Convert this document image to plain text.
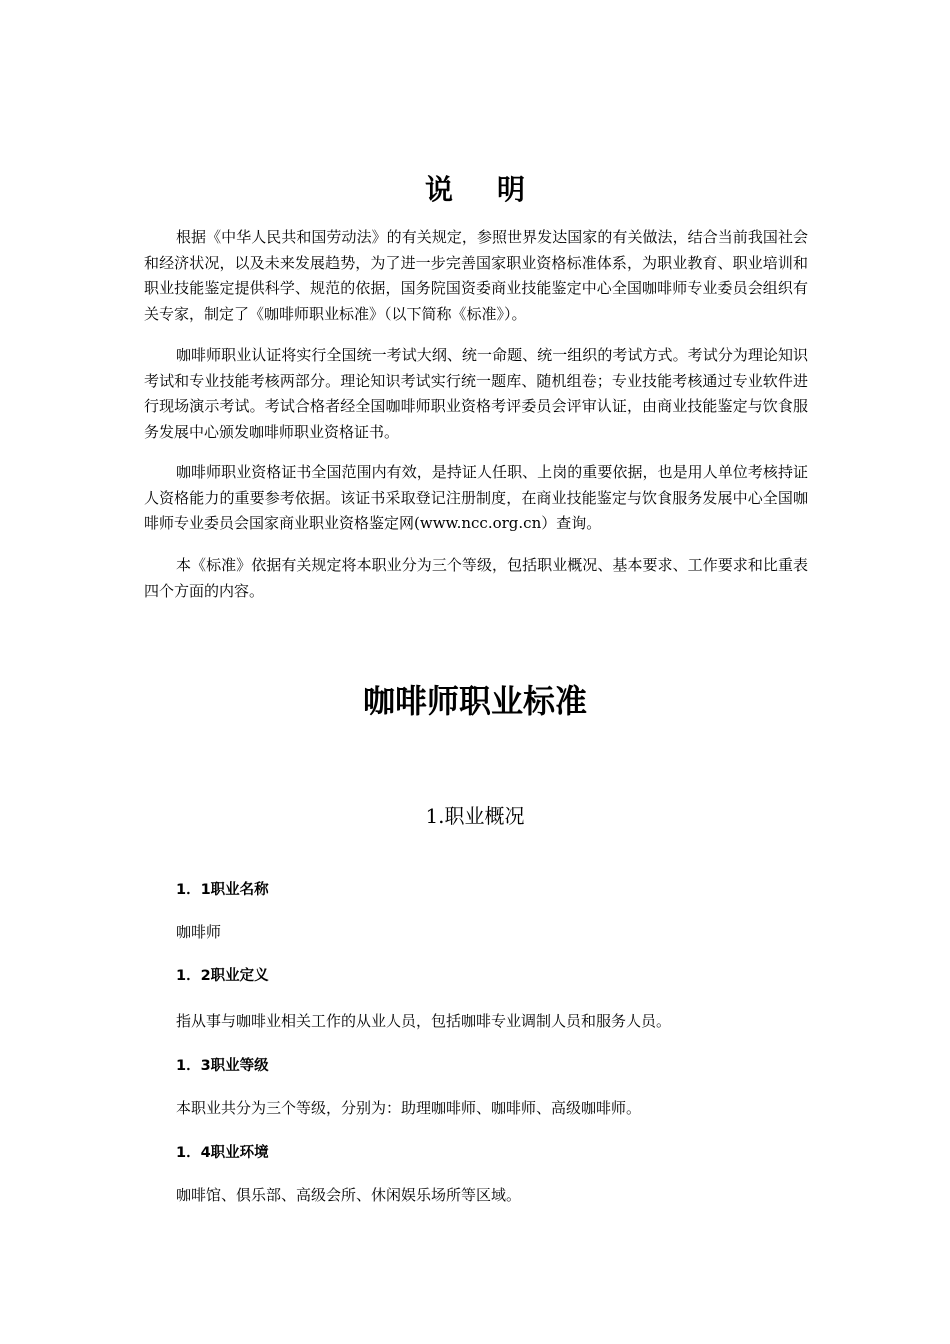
说明

根据《中华人民共和国劳动法》的有关规定，参照世界发达国家的有关做法，结合当前我国社会和经济状况，以及未来发展趋势，为了进一步完善国家职业资格标准体系，为职业教育、职业培训和职业技能鉴定提供科学、规范的依据，国务院国资委商业技能鉴定中心全国咖啡师专业委员会组织有关专家，制定了《咖啡师职业标准》（以下简称《标准》）。

咖啡师职业认证将实行全国统一考试大纲、统一命题、统一组织的考试方式。考试分为理论知识考试和专业技能考核两部分。理论知识考试实行统一题库、随机组卷；专业技能考核通过专业软件进行现场演示考试。考试合格者经全国咖啡师职业资格考评委员会评审认证，由商业技能鉴定与饮食服务发展中心颁发咖啡师职业资格证书。

咖啡师职业资格证书全国范围内有效，是持证人任职、上岗的重要依据，也是用人单位考核持证人资格能力的重要参考依据。该证书采取登记注册制度，在商业技能鉴定与饮食服务发展中心全国咖啡师专业委员会国家商业职业资格鉴定网(www.ncc.org.cn）查询。

本《标准》依据有关规定将本职业分为三个等级，包括职业概况、基本要求、工作要求和比重表四个方面的内容。

咖啡师职业标准
1.职业概况
1．1职业名称
咖啡师
1．2职业定义
指从事与咖啡业相关工作的从业人员，包括咖啡专业调制人员和服务人员。
1．3职业等级
本职业共分为三个等级，分别为：助理咖啡师、咖啡师、高级咖啡师。
1．4职业环境
咖啡馆、俱乐部、高级会所、休闲娱乐场所等区域。
